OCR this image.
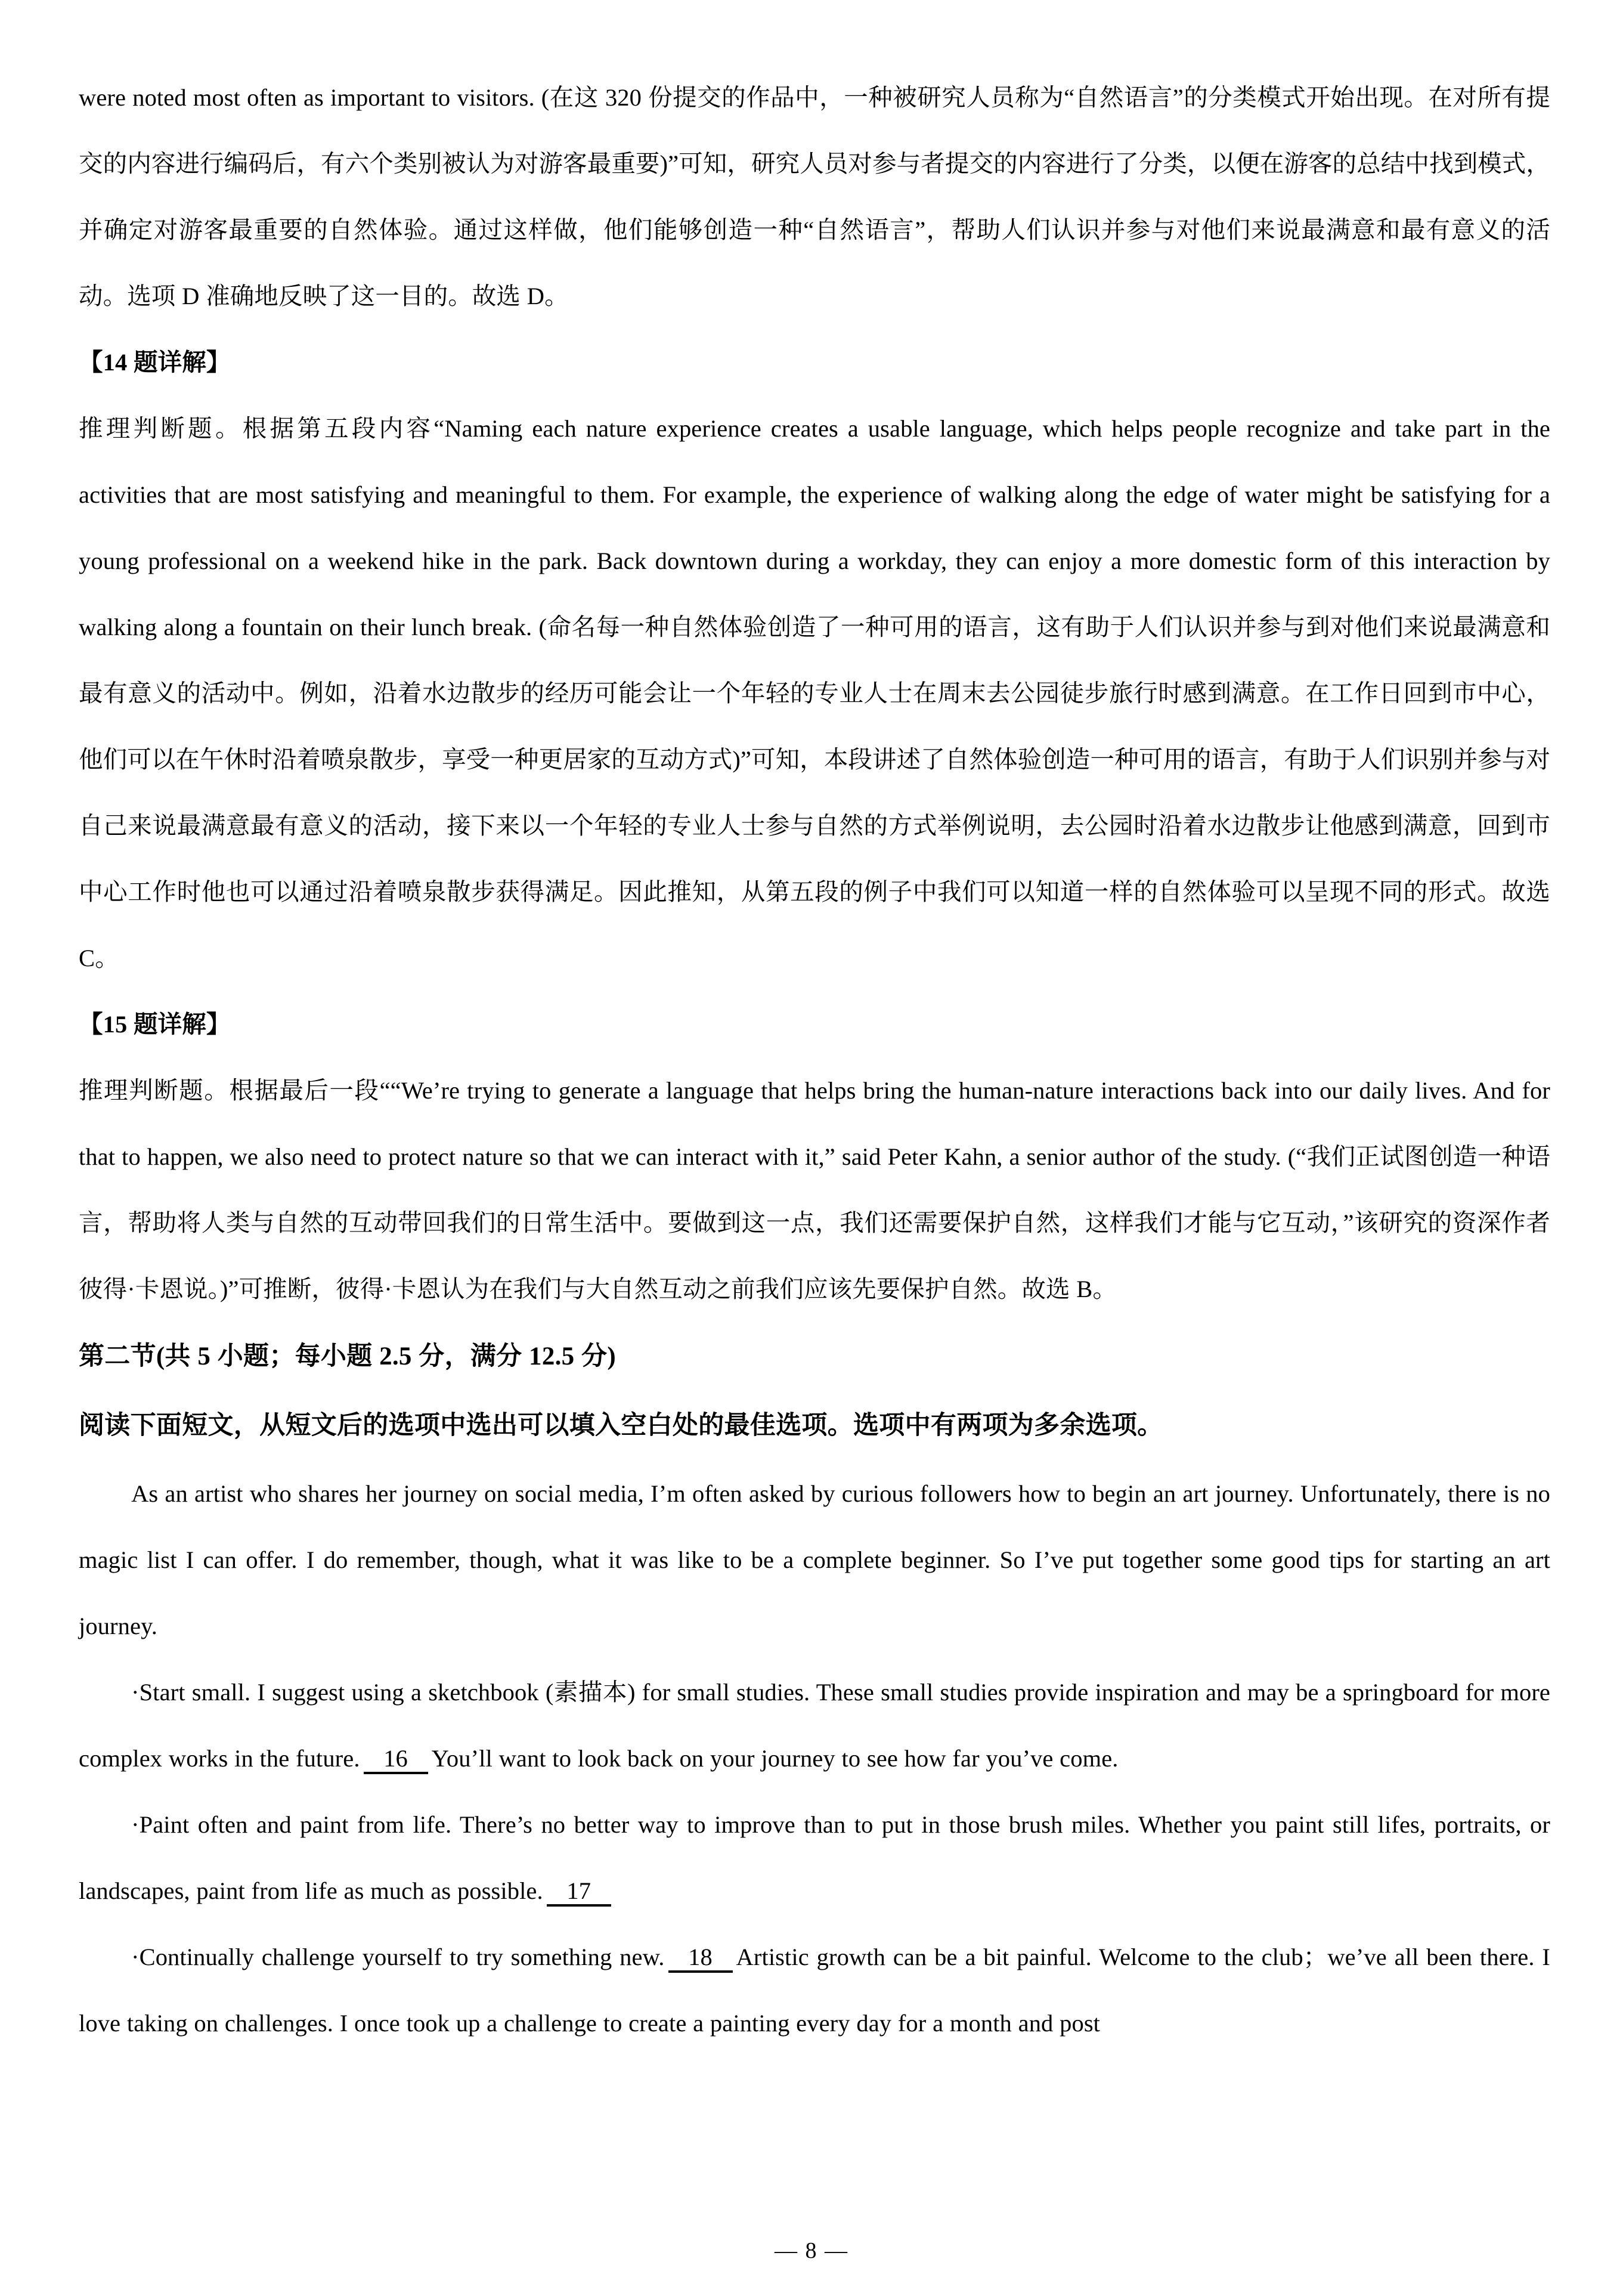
were noted most often as important to visitors. (在这 320 份提交的作品中，一种被研究人员称为“自然语言”的分类模式开始出现。在对所有提交的内容进行编码后，有六个类别被认为对游客最重要)”可知，研究人员对参与者提交的内容进行了分类，以便在游客的总结中找到模式，并确定对游客最重要的自然体验。通过这样做，他们能够创造一种“自然语言”，帮助人们认识并参与对他们来说最满意和最有意义的活动。选项 D 准确地反映了这一目的。故选 D。

【14 题详解】

推理判断题。根据第五段内容“Naming each nature experience creates a usable language, which helps people recognize and take part in the activities that are most satisfying and meaningful to them. For example, the experience of walking along the edge of water might be satisfying for a young professional on a weekend hike in the park. Back downtown during a workday, they can enjoy a more domestic form of this interaction by walking along a fountain on their lunch break. (命名每一种自然体验创造了一种可用的语言，这有助于人们认识并参与到对他们来说最满意和最有意义的活动中。例如，沿着水边散步的经历可能会让一个年轻的专业人士在周末去公园徒步旅行时感到满意。在工作日回到市中心，他们可以在午休时沿着喷泉散步，享受一种更居家的互动方式)”可知，本段讲述了自然体验创造一种可用的语言，有助于人们识别并参与对自己来说最满意最有意义的活动，接下来以一个年轻的专业人士参与自然的方式举例说明，去公园时沿着水边散步让他感到满意，回到市中心工作时他也可以通过沿着喷泉散步获得满足。因此推知，从第五段的例子中我们可以知道一样的自然体验可以呈现不同的形式。故选 C。

【15 题详解】

推理判断题。根据最后一段““We’re trying to generate a language that helps bring the human-nature interactions back into our daily lives. And for that to happen, we also need to protect nature so that we can interact with it,” said Peter Kahn, a senior author of the study. (“我们正试图创造一种语言，帮助将人类与自然的互动带回我们的日常生活中。要做到这一点，我们还需要保护自然，这样我们才能与它互动，”该研究的资深作者彼得·卡恩说。)”可推断，彼得·卡恩认为在我们与大自然互动之前我们应该先要保护自然。故选 B。

第二节(共 5 小题；每小题 2.5 分，满分 12.5 分)

阅读下面短文，从短文后的选项中选出可以填入空白处的最佳选项。选项中有两项为多余选项。

As an artist who shares her journey on social media, I’m often asked by curious followers how to begin an art journey. Unfortunately, there is no magic list I can offer. I do remember, though, what it was like to be a complete beginner. So I’ve put together some good tips for starting an art journey.

·Start small. I suggest using a sketchbook (素描本) for small studies. These small studies provide inspiration and may be a springboard for more complex works in the future. 16 You’ll want to look back on your journey to see how far you’ve come.

·Paint often and paint from life. There’s no better way to improve than to put in those brush miles. Whether you paint still lifes, portraits, or landscapes, paint from life as much as possible. 17

·Continually challenge yourself to try something new. 18 Artistic growth can be a bit painful. Welcome to the club；we’ve all been there. I love taking on challenges. I once took up a challenge to create a painting every day for a month and post

— 8 —
